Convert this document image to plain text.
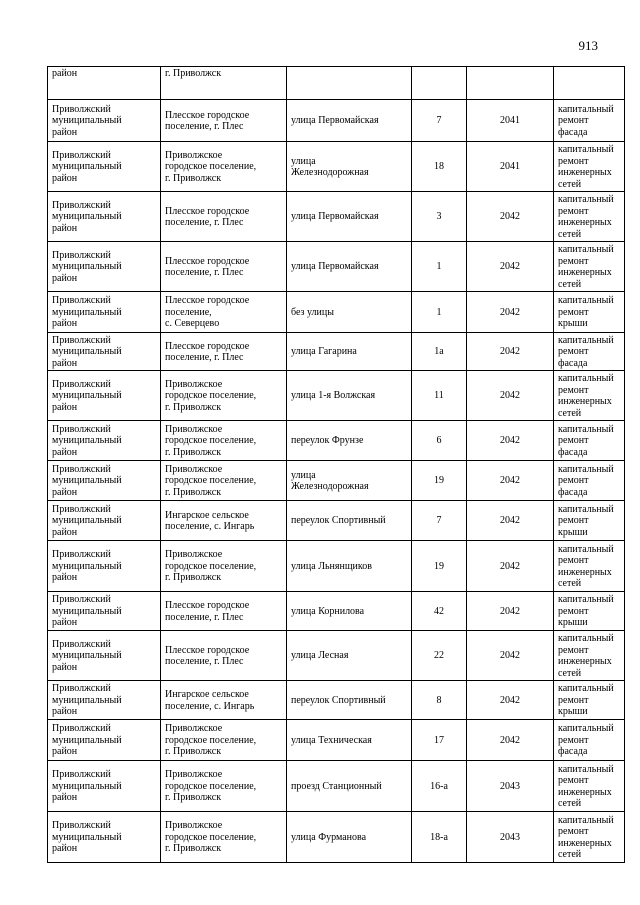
913
район	г. Приволжск				
Приволжский
муниципальный
район	Плесское городское
поселение, г. Плес	улица Первомайская	7	2041	капитальный
ремонт фасада
Приволжский
муниципальный
район	Приволжское
городское поселение,
г. Приволжск	улица
Железнодорожная	18	2041	капитальный
ремонт
инженерных
сетей
Приволжский
муниципальный
район	Плесское городское
поселение, г. Плес	улица Первомайская	3	2042	капитальный
ремонт
инженерных
сетей
Приволжский
муниципальный
район	Плесское городское
поселение, г. Плес	улица Первомайская	1	2042	капитальный
ремонт
инженерных
сетей
Приволжский
муниципальный
район	Плесское городское
поселение,
с. Северцево	без улицы	1	2042	капитальный
ремонт крыши
Приволжский
муниципальный
район	Плесское городское
поселение, г. Плес	улица Гагарина	1а	2042	капитальный
ремонт фасада
Приволжский
муниципальный
район	Приволжское
городское поселение,
г. Приволжск	улица 1-я Волжская	11	2042	капитальный
ремонт
инженерных
сетей
Приволжский
муниципальный
район	Приволжское
городское поселение,
г. Приволжск	переулок Фрунзе	6	2042	капитальный
ремонт фасада
Приволжский
муниципальный
район	Приволжское
городское поселение,
г. Приволжск	улица
Железнодорожная	19	2042	капитальный
ремонт фасада
Приволжский
муниципальный
район	Ингарское сельское
поселение, с. Ингарь	переулок Спортивный	7	2042	капитальный
ремонт крыши
Приволжский
муниципальный
район	Приволжское
городское поселение,
г. Приволжск	улица Льнянщиков	19	2042	капитальный
ремонт
инженерных
сетей
Приволжский
муниципальный
район	Плесское городское
поселение, г. Плес	улица Корнилова	42	2042	капитальный
ремонт крыши
Приволжский
муниципальный
район	Плесское городское
поселение, г. Плес	улица Лесная	22	2042	капитальный
ремонт
инженерных
сетей
Приволжский
муниципальный
район	Ингарское сельское
поселение, с. Ингарь	переулок Спортивный	8	2042	капитальный
ремонт крыши
Приволжский
муниципальный
район	Приволжское
городское поселение,
г. Приволжск	улица Техническая	17	2042	капитальный
ремонт фасада
Приволжский
муниципальный
район	Приволжское
городское поселение,
г. Приволжск	проезд Станционный	16-а	2043	капитальный
ремонт
инженерных
сетей
Приволжский
муниципальный
район	Приволжское
городское поселение,
г. Приволжск	улица Фурманова	18-а	2043	капитальный
ремонт
инженерных
сетей
